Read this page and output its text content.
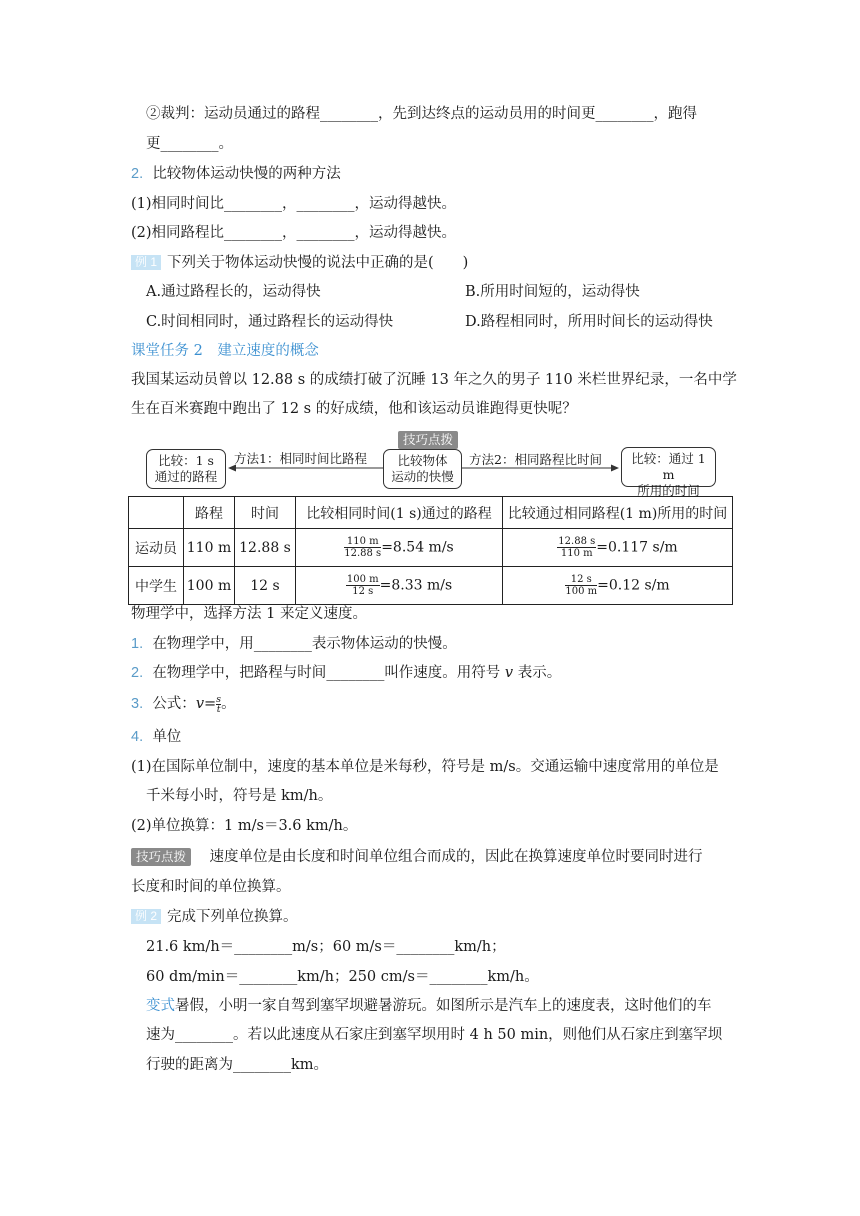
②裁判：运动员通过的路程________，先到达终点的运动员用的时间更________，跑得
更________。
2. 比较物体运动快慢的两种方法
(1)相同时间比________，________，运动得越快。
(2)相同路程比________，________，运动得越快。
例 1 下列关于物体运动快慢的说法中正确的是(　　)
A.通过路程长的，运动得快	B.所用时间短的，运动得快
C.时间相同时，通过路程长的运动得快	D.路程相同时，所用时间长的运动得快
课堂任务 2　建立速度的概念
我国某运动员曾以 12.88 s 的成绩打破了沉睡 13 年之久的男子 110 米栏世界纪录，一名中学
生在百米赛跑中跑出了 12 s 的好成绩，他和该运动员谁跑得更快呢？
技巧点拨
比较：1 s
通过的路程
方法1：相同时间比路程	比较物体
运动的快慢
方法2：相同路程比时间	比较：通过 1 m
所用的时间
	路程	时间	比较相同时间(1 s)通过的路程	比较通过相同路程(1 m)所用的时间
运动员	110 m	12.88 s	$\frac{110 m}{12.88 s} =8.54$ m/s	$\frac{12.88 s}{110 m} =0.117$ s/m
中学生	100 m	12 s	$\frac{100 m}{12 s} =8.33$ m/s	$\frac{12 s}{100 m} =0.12$ s/m
物理学中，选择方法 1 来定义速度。
1. 在物理学中，用________表示物体运动的快慢。
2. 在物理学中，把路程与时间________叫作速度。用符号 v 表示。
3. 公式：$v= \frac{s}{t}$ 。
4. 单位
(1)在国际单位制中，速度的基本单位是米每秒，符号是 m/s。交通运输中速度常用的单位是
千米每小时，符号是 km/h。
(2)单位换算：1 m/s＝3.6 km/h。
技巧点拨 速度单位是由长度和时间单位组合而成的，因此在换算速度单位时要同时进行
长度和时间的单位换算。
例 2 完成下列单位换算。
21.6 km/h＝________m/s；60 m/s＝________km/h；
60 dm/min＝________km/h；250 cm/s＝________km/h。
变式暑假，小明一家自驾到塞罕坝避暑游玩。如图所示是汽车上的速度表，这时他们的车
速为________。若以此速度从石家庄到塞罕坝用时 4 h 50 min，则他们从石家庄到塞罕坝
行驶的距离为________km。
